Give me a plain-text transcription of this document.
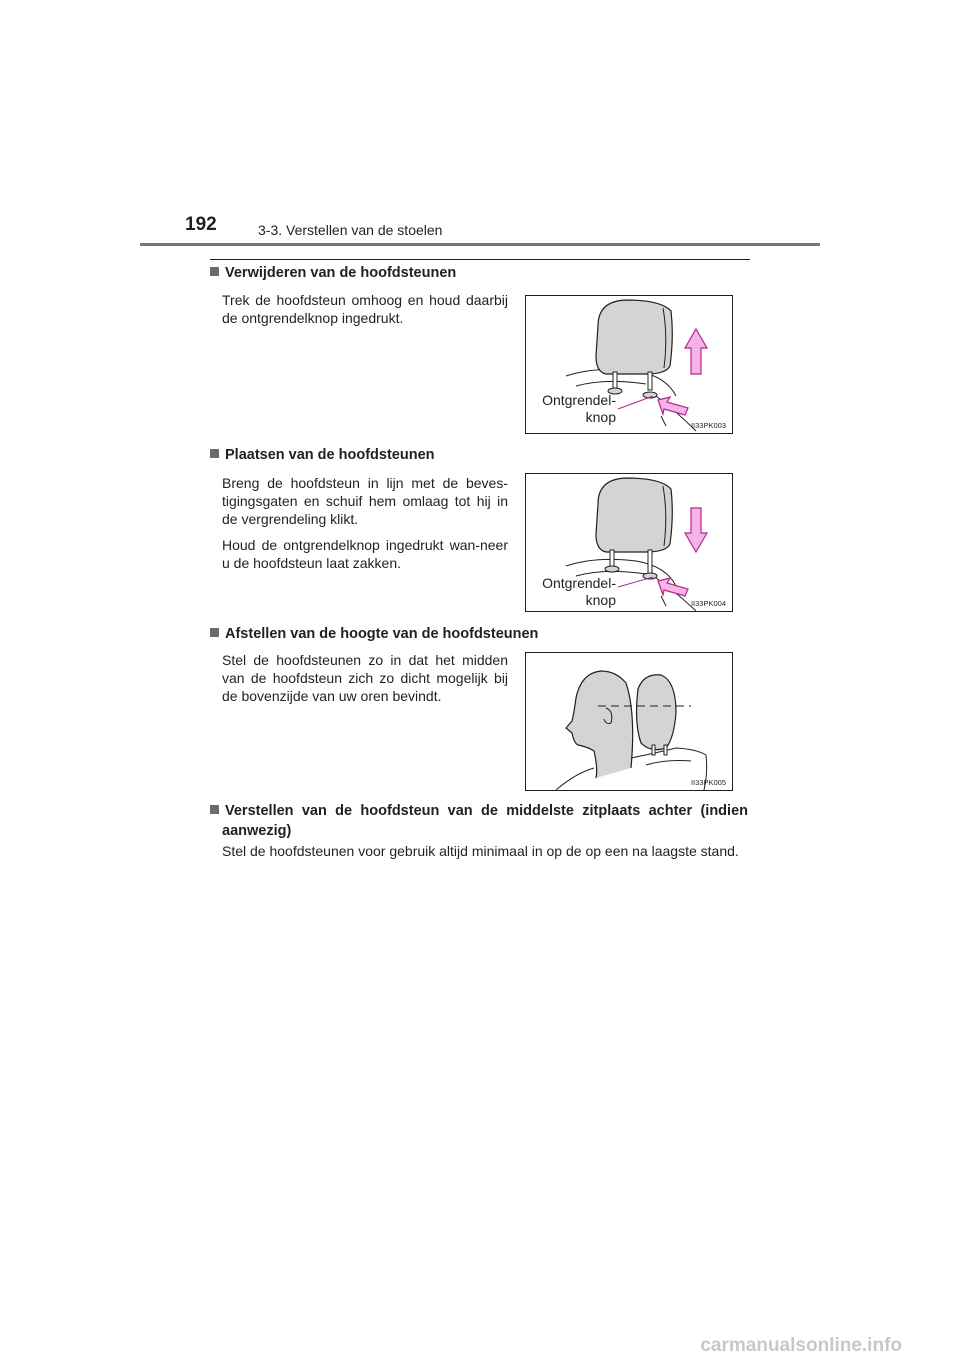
192	3-3. Verstellen van de stoelen
Verwijderen van de hoofdsteunen

Trek de hoofdsteun omhoog en houd daarbij de ontgrendelknop ingedrukt.

Ontgrendel-
knop
II33PK003
Plaatsen van de hoofdsteunen

Breng de hoofdsteun in lijn met de beves-tigingsgaten en schuif hem omlaag tot hij in de vergrendeling klikt.

Houd de ontgrendelknop ingedrukt wan-neer u de hoofdsteun laat zakken.

Ontgrendel-
knop	II33PK004
Afstellen van de hoogte van de hoofdsteunen

Stel de hoofdsteunen zo in dat het midden van de hoofdsteun zich zo dicht mogelijk bij de bovenzijde van uw oren bevindt.

II33PK005
Verstellen van de hoofdsteun van de middelste zitplaats achter (indien
aanwezig)

Stel de hoofdsteunen voor gebruik altijd minimaal in op de op een na laagste stand.

carmanualsonline.info
